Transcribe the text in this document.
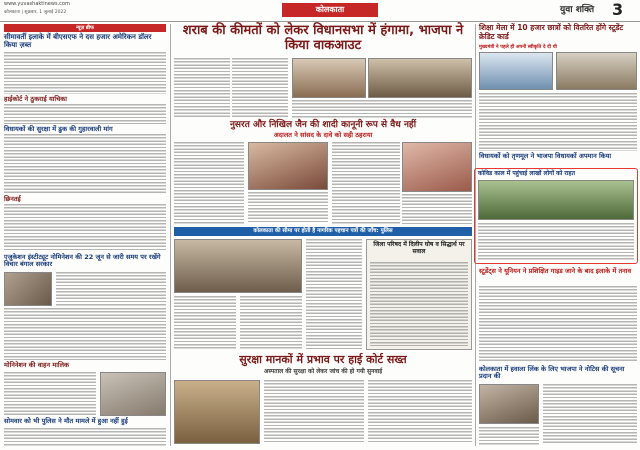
www.yuvashaktinews.com
कोलकाता | शुक्रवार, 1 जुलाई 2022	कोलकाता	युवा शक्ति 3
न्यूज़ ब्रीफ
सीमावर्ती इलाके में बीएसएफ ने दस हजार अमेरिकन डॉलर किया ज़ब्त
हाईकोर्ट ने ठुकराई याचिका
विधायकों की सुरक्षा में ढुक की गुहारवाली मांग
छिनतई
एजुकेशन इंस्टीट्यूट नोमिनेशन की 22 जून से जारी समय पर रखेंगे विचार बंगाल सरकार
मोनिनेशन की वाहन मालिक
सोमवार को भी पुलिस ने मौत मामले में हुआ नहीं हुई
शराब की कीमतों को लेकर विधानसभा में हंगामा, भाजपा ने किया वाकआउट
नुसरत और निखिल जैन की शादी कानूनी रूप से वैध नहीं
अदालत ने सांसद के दावे को सही ठहराया
कोलकाता की सीमा पर होती है नागरिक पहचान पत्रों की जाँच: पुलिस
जिला परिषद में दिलीप घोष व सिद्धार्थ पर सवाल
सुरक्षा मानकों में प्रभाव पर हाई कोर्ट सख्त
अस्पताल की सुरक्षा को लेकर जांच की हो गयी सुनवाई
शिक्षा मेला में 10 हजार छात्रों को वितरित होंगे स्टूडेंट क्रेडिट कार्ड
मुख्यमंत्री ने पहले ही अपनी स्वीकृति दे दी थी
विधायकों को तृणमूल ने भाजपा विधायकों अपमान किया
कोविड काल में पहुंचाई लाखों लोगों को राहत
स्टूडेंट्स ने यूनियन ने प्रशिक्षित गाइड जाने के बाद इलाके में तनाव
कोलकाता में हवाला लिंक के लिए भाजपा ने नोटिस की सूचना प्रदान की
